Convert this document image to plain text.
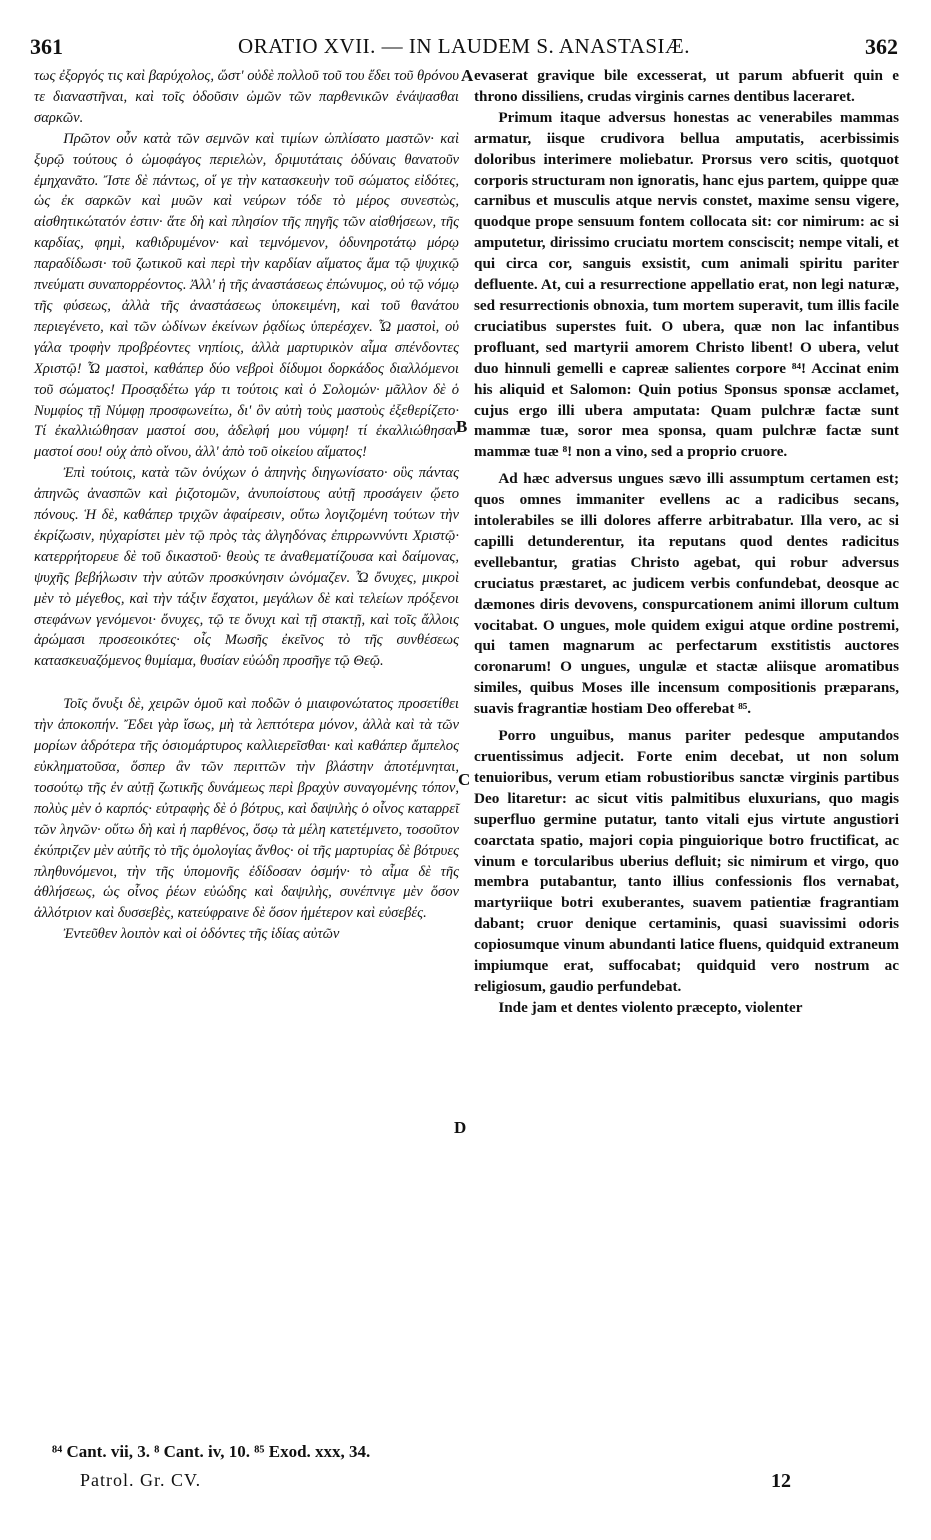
361	ORATIO XVII. — IN LAUDEM S. ANASTASIÆ.	362

τως ἐξοργός τις καὶ βαρύχολος, ὥστ' οὐδὲ πολλοῦ τοῦ του ἔδει τοῦ θρόνου τε διαναστῆναι, καὶ τοῖς ὀδοῦσιν ὠμῶν τῶν παρθενικῶν ἐνάψασθαι σαρκῶν.

Πρῶτον οὖν κατὰ τῶν σεμνῶν καὶ τιμίων ὡπλίσατο μαστῶν· καὶ ξυρῷ τούτους ὁ ὠμοφάγος περιελὼν, δριμυτάταις ὀδύναις θανατοῦν ἐμηχανᾶτο. Ἴστε δὲ πάντως, οἵ γε τὴν κατασκευὴν τοῦ σώματος εἰδότες, ὡς ἐκ σαρκῶν καὶ μυῶν καὶ νεύρων τόδε τὸ μέρος συνεστὼς, αἰσθητικώτατόν ἐστιν· ἅτε δὴ καὶ πλησίον τῆς πηγῆς τῶν αἰσθήσεων, τῆς καρδίας, φημὶ, καθιδρυμένον· καὶ τεμνόμενον, ὀδυνηροτάτῳ μόρῳ παραδίδωσι· τοῦ ζωτικοῦ καὶ περὶ τὴν καρδίαν αἵματος ἅμα τῷ ψυχικῷ πνεύματι συναπορρέοντος. Ἀλλ' ἡ τῆς ἀναστάσεως ἐπώνυμος, οὐ τῷ νόμῳ τῆς φύσεως, ἀλλὰ τῆς ἀναστάσεως ὑποκειμένη, καὶ τοῦ θανάτου περιεγένετο, καὶ τῶν ὠδίνων ἐκείνων ῥᾳδίως ὑπερέσχεν. Ὦ μαστοὶ, οὐ γάλα τροφὴν προβρέοντες νηπίοις, ἀλλὰ μαρτυρικὸν αἷμα σπένδοντες Χριστῷ! Ὦ μαστοὶ, καθάπερ δύο νεβροὶ δίδυμοι δορκάδος διαλλόμενοι τοῦ σώματος! Προσᾳδέτω γάρ τι τούτοις καὶ ὁ Σολομών· μᾶλλον δὲ ὁ Νυμφίος τῇ Νύμφῃ προσφωνείτω, δι' ὃν αὐτὴ τοὺς μαστοὺς ἐξεθερίζετο· Τί ἐκαλλιώθησαν μαστοί σου, ἀδελφή μου νύμφη! τί ἐκαλλιώθησαν μαστοί σου! οὐχ ἀπὸ οἴνου, ἀλλ' ἀπὸ τοῦ οἰκείου αἵματος!

Ἐπὶ τούτοις, κατὰ τῶν ὀνύχων ὁ ἀπηνὴς διηγωνίσατο· οὓς πάντας ἀπηνῶς ἀνασπῶν καὶ ῥιζοτομῶν, ἀνυποίστους αὐτῇ προσάγειν ᾤετο πόνους. Ἡ δὲ, καθάπερ τριχῶν ἀφαίρεσιν, οὕτω λογιζομένη τούτων τὴν ἐκρίζωσιν, ηὐχαρίστει μὲν τῷ πρὸς τὰς ἀλγηδόνας ἐπιρρωννύντι Χριστῷ· κατερρήτορευε δὲ τοῦ δικαστοῦ· θεοὺς τε ἀναθεματίζουσα καὶ δαίμονας, ψυχῆς βεβήλωσιν τὴν αὐτῶν προσκύνησιν ὠνόμαζεν. Ὦ ὄνυχες, μικροὶ μὲν τὸ μέγεθος, καὶ τὴν τάξιν ἔσχατοι, μεγάλων δὲ καὶ τελείων πρόξενοι στεφάνων γενόμενοι· ὄνυχες, τῷ τε ὄνυχι καὶ τῇ στακτῇ, καὶ τοῖς ἄλλοις ἀρώμασι προσεοικότες· οἷς Μωσῆς ἐκεῖνος τὸ τῆς συνθέσεως κατασκευαζόμενος θυμίαμα, θυσίαν εὐώδη προσῆγε τῷ Θεῷ.

Τοῖς ὄνυξι δὲ, χειρῶν ὁμοῦ καὶ ποδῶν ὁ μιαιφονώτατος προσετίθει τὴν ἀποκοπήν. Ἔδει γὰρ ἴσως, μὴ τὰ λεπτότερα μόνον, ἀλλὰ καὶ τὰ τῶν μορίων ἁδρότερα τῆς ὁσιομάρτυρος καλλιερεῖσθαι· καὶ καθάπερ ἄμπελος εὐκληματοῦσα, ὅσπερ ἂν τῶν περιττῶν τὴν βλάστην ἀποτέμνηται, τοσούτῳ τῆς ἐν αὐτῇ ζωτικῆς δυνάμεως περὶ βραχὺν συναγομένης τόπον, πολὺς μὲν ὁ καρπός· εὐτραφὴς δὲ ὁ βότρυς, καὶ δαψιλὴς ὁ οἶνος καταρρεῖ τῶν ληνῶν· οὕτω δὴ καὶ ἡ παρθένος, ὅσῳ τὰ μέλη κατετέμνετο, τοσοῦτον ἐκύπριζεν μὲν αὐτῆς τὸ τῆς ὁμολογίας ἄνθος· οἱ τῆς μαρτυρίας δὲ βότρυες πληθυνόμενοι, τὴν τῆς ὑπομονῆς ἐδίδοσαν ὀσμήν· τὸ αἷμα δὲ τῆς ἀθλήσεως, ὡς οἶνος ῥέων εὐώδης καὶ δαψιλὴς, συνέπνιγε μὲν ὅσον ἀλλότριον καὶ δυσσεβὲς, κατεύφραινε δὲ ὅσον ἡμέτερον καὶ εὐσεβές.

Ἐντεῦθεν λοιπὸν καὶ οἱ ὀδόντες τῆς ἰδίας αὐτῶν

evaserat gravique bile excesserat, ut parum abfuerit quin e throno dissiliens, crudas virginis carnes dentibus laceraret.

Primum itaque adversus honestas ac venerabiles mammas armatur, iisque crudivora bellua amputatis, acerbissimis doloribus interimere moliebatur. Prorsus vero scitis, quotquot corporis structuram non ignoratis, hanc ejus partem, quippe quæ carnibus et musculis atque nervis constet, maxime sensu vigere, quodque prope sensuum fontem collocata sit: cor nimirum: ac si amputetur, dirissimo cruciatu mortem consciscit; nempe vitali, et qui circa cor, sanguis exsistit, cum animali spiritu pariter defluente. At, cui a resurrectione appellatio erat, non legi naturæ, sed resurrectionis obnoxia, tum mortem superavit, tum illis facile cruciatibus superstes fuit. O ubera, quæ non lac infantibus profluant, sed martyrii amorem Christo libent! O ubera, velut duo hinnuli gemelli e capreæ salientes corpore ⁸⁴! Accinat enim his aliquid et Salomon: Quin potius Sponsus sponsæ acclamet, cujus ergo illi ubera amputata: Quam pulchræ factæ sunt mammæ tuæ, soror mea sponsa, quam pulchræ factæ sunt mammæ tuæ ⁸! non a vino, sed a proprio cruore.

Ad hæc adversus ungues sævo illi assumptum certamen est; quos omnes immaniter evellens ac a radicibus secans, intolerabiles se illi dolores afferre arbitrabatur. Illa vero, ac si capilli detunderentur, ita reputans quod dentes radicitus evellebantur, gratias Christo agebat, qui robur adversus cruciatus præstaret, ac judicem verbis confundebat, deosque ac dæmones diris devovens, conspurcationem animi illorum cultum vocitabat. O ungues, mole quidem exigui atque ordine postremi, qui tamen magnarum ac perfectarum exstitistis auctores coronarum! O ungues, ungulæ et stactæ aliisque aromatibus similes, quibus Moses ille incensum compositionis præparans, suavis fragrantiæ hostiam Deo offerebat ⁸⁵.

Porro unguibus, manus pariter pedesque amputandos cruentissimus adjecit. Forte enim decebat, ut non solum tenuioribus, verum etiam robustioribus sanctæ virginis partibus Deo litaretur: ac sicut vitis palmitibus eluxurians, quo magis superfluo germine putatur, tanto vitali ejus virtute angustiori coarctata spatio, majori copia pinguiorique botro fructificat, ac vinum e torcularibus uberius defluit; sic nimirum et virgo, quo membra putabantur, tanto illius confessionis flos vernabat, martyriique botri exuberantes, suavem patientiæ fragrantiam dabant; cruor denique certaminis, quasi suavissimi odoris copiosumque vinum abundanti latice fluens, quidquid extraneum impiumque erat, suffocabat; quidquid vero nostrum ac religiosum, gaudio perfundebat.

Inde jam et dentes violento præcepto, violenter

A
B
C
D
⁸⁴ Cant. vii, 3. ⁸ Cant. iv, 10. ⁸⁵ Exod. xxx, 34.
Patrol. Gr. CV.	12
